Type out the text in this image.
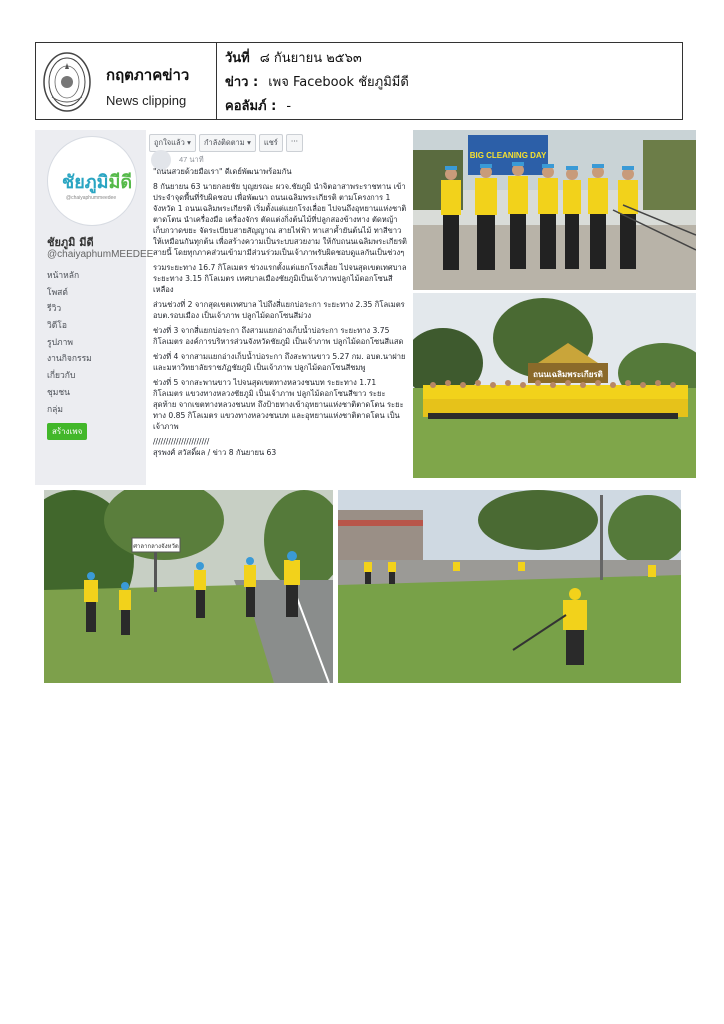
กฤตภาคข่าว
News clipping
วันที่ ๘ กันยายน ๒๕๖๓
ข่าว : เพจ Facebook ชัยภูมิมีดี
คอลัมภ์ : -
ชัยภูมิมีดี
@chaiyaphummeedee
ชัยภูมิ มีดี
@chaiyaphumMEEDEE
หน้าหลัก
โพสต์
รีวิว
วิดีโอ
รูปภาพ
งานกิจกรรม
เกี่ยวกับ
ชุมชน
กลุ่ม
สร้างเพจ
ถูกใจแล้ว ▾	กำลังติดตาม ▾	แชร์	···
47 นาที

"ถนนสวยด้วยมือเรา" ดีเดย์พัฒนาพร้อมกัน

8 กันยายน 63 นายกลยชัย บุญยรณะ ผวจ.ชัยภูมิ นำจิตอาสาพระราชทาน เข้าประจำจุดพื้นที่รับผิดชอบ เพื่อพัฒนา ถนนเฉลิมพระเกียรติ ตามโครงการ 1 จังหวัด 1 ถนนเฉลิมพระเกียรติ เริ่มตั้งแต่แยกโรงเลื่อย ไปจนถึงอุทยานแห่งชาติตาดโตน นำเครื่องมือ เครื่องจักร ตัดแต่งกิ่งต้นไม้ที่ปลูกสองข้างทาง ตัดหญ้า เก็บกวาดขยะ จัดระเบียบสายสัญญาณ สายไฟฟ้า ทาเสาค้ำยันต้นไม้ ทาสีขาวให้เหมือนกันทุกต้น เพื่อสร้างความเป็นระบบสวยงาม ให้กับถนนเฉลิมพระเกียรติสายนี้ โดยทุกภาคส่วนเข้ามามีส่วนร่วมเป็นเจ้าภาพรับผิดชอบดูแลกันเป็นช่วงๆ

รวมระยะทาง 16.7 กิโลเมตร ช่วงแรกตั้งแต่แยกโรงเลื่อย ไปจนสุดเขตเทศบาล ระยะทาง 3.15 กิโลเมตร เทศบาลเมืองชัยภูมิเป็นเจ้าภาพปลูกไม้ดอกโซนสีเหลือง

ส่วนช่วงที่ 2 จากสุดเขตเทศบาล ไปถึงสี่แยกบ่อระกา ระยะทาง 2.35 กิโลเมตร อบต.รอบเมือง เป็นเจ้าภาพ ปลูกไม้ดอกโซนสีม่วง

ช่วงที่ 3 จากสี่แยกบ่อระกา ถึงสามแยกอ่างเก็บน้ำบ่อระกา ระยะทาง 3.75 กิโลเมตร องค์การบริหารส่วนจังหวัดชัยภูมิ เป็นเจ้าภาพ ปลูกไม้ดอกโซนสีแสด

ช่วงที่ 4 จากสามแยกอ่างเก็บน้ำบ่อระกา ถึงสะพานขาว 5.27 กม. อบต.นาฝายและมหาวิทยาลัยราชภัฏชัยภูมิ เป็นเจ้าภาพ ปลูกไม้ดอกโซนสีชมพู

ช่วงที่ 5 จากสะพานขาว ไปจนสุดเขตทางหลวงชนบท ระยะทาง 1.71 กิโลเมตร แขวงทางหลวงชัยภูมิ เป็นเจ้าภาพ ปลูกไม้ดอกโซนสีขาว ระยะสุดท้าย จากเขตทางหลวงชนบท ถึงป้ายทางเข้าอุทยานแห่งชาติตาดโตน ระยะทาง 0.85 กิโลเมตร แขวงทางหลวงชนบท และอุทยานแห่งชาติตาดโตน เป็นเจ้าภาพ

//////////////////////

สุรพงศ์ สวัสดิ์ผล / ข่าว 8 กันยายน 63

BIG CLEANING DAY
ถนนเฉลิมพระเกียรติ
ศาลากลางจังหวัด
